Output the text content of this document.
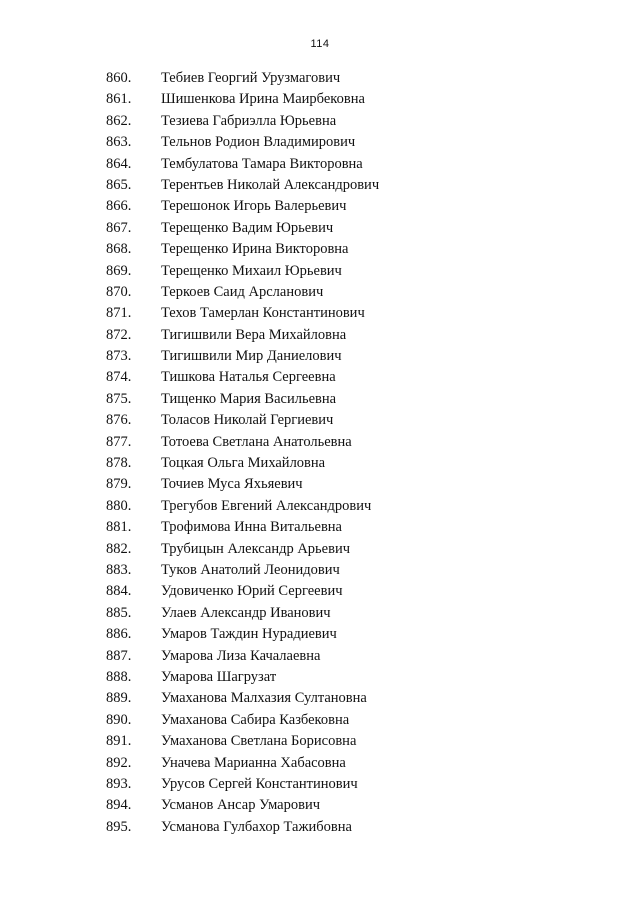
114
860. Тебиев Георгий Урузмагович
861. Шишенкова Ирина Маирбековна
862. Тезиева Габриэлла Юрьевна
863. Тельнов Родион Владимирович
864. Тембулатова Тамара Викторовна
865. Терентьев Николай Александрович
866. Терешонок Игорь Валерьевич
867. Терещенко Вадим Юрьевич
868. Терещенко Ирина Викторовна
869. Терещенко Михаил Юрьевич
870. Теркоев Саид Арсланович
871. Техов Тамерлан Константинович
872. Тигишвили Вера Михайловна
873. Тигишвили Мир Даниелович
874. Тишкова Наталья Сергеевна
875. Тищенко Мария Васильевна
876. Толасов Николай Гергиевич
877. Тотоева Светлана Анатольевна
878. Тоцкая Ольга Михайловна
879. Точиев Муса Яхьяевич
880. Трегубов Евгений Александрович
881. Трофимова Инна Витальевна
882. Трубицын Александр Арьевич
883. Туков Анатолий Леонидович
884. Удовиченко Юрий Сергеевич
885. Улаев Александр Иванович
886. Умаров Таждин Нурадиевич
887. Умарова Лиза Качалаевна
888. Умарова Шагрузат
889. Умаханова Малхазия Султановна
890. Умаханова Сабира Казбековна
891. Умаханова Светлана Борисовна
892. Уначева Марианна Хабасовна
893. Урусов Сергей Константинович
894. Усманов Ансар Умарович
895. Усманова Гулбахор Тажибовна
